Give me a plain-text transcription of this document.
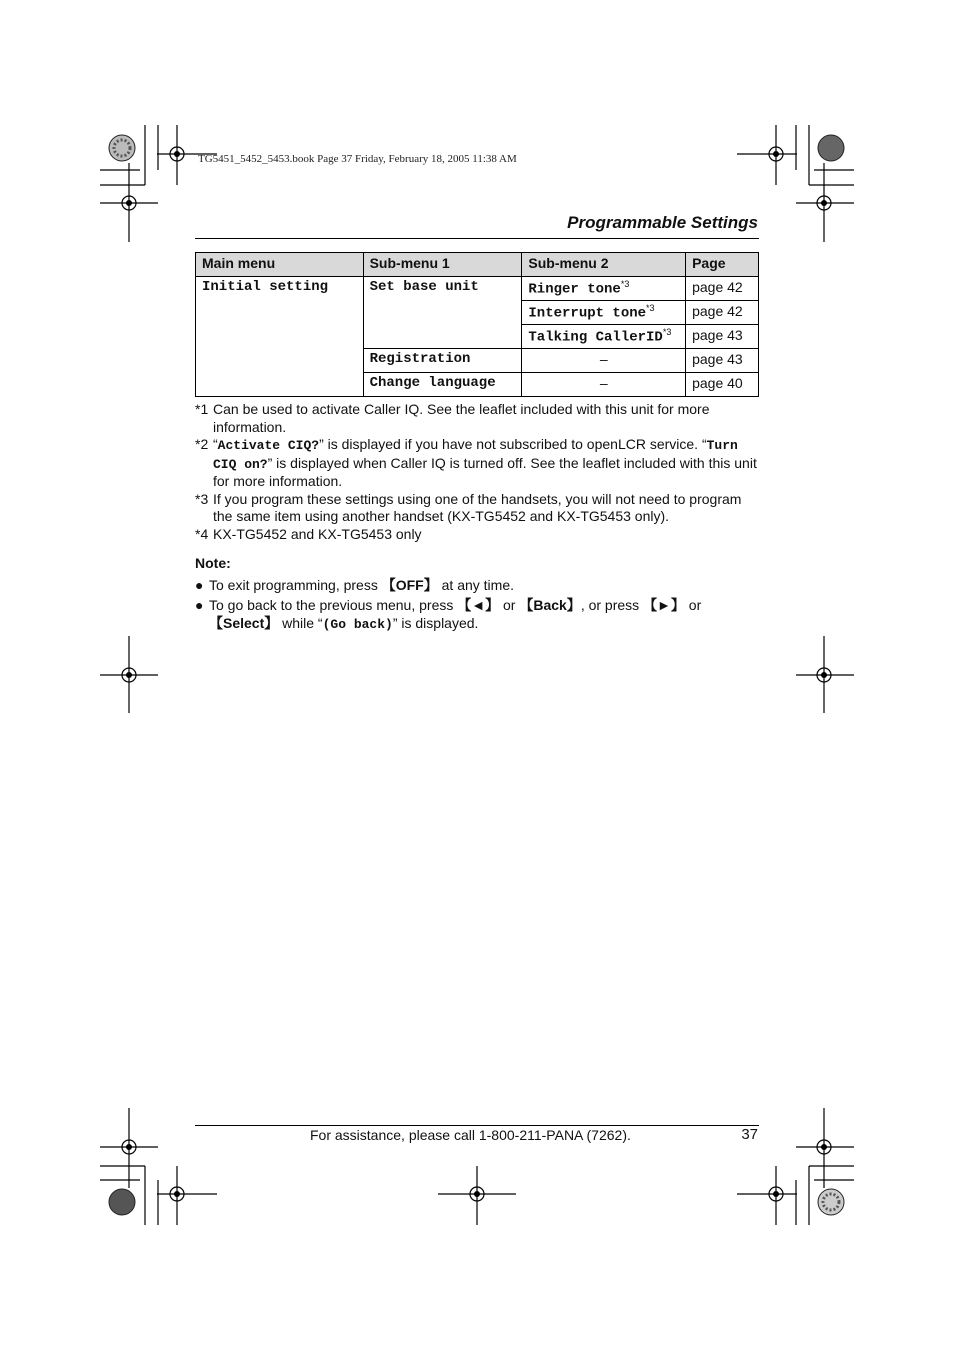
TG5451_5452_5453.book Page 37 Friday, February 18, 2005 11:38 AM
Programmable Settings
Main menu	Sub-menu 1	Sub-menu 2	Page
Initial setting	Set base unit	Ringer tone$^{*3}$	page 42
		Interrupt tone$^{*3}$	page 42
		Talking CallerID$^{*3}$	page 43
	Registration	–	page 43
	Change language	–	page 40
*1 Can be used to activate Caller IQ. See the leaflet included with this unit for more information.
*2 “Activate CIQ?” is displayed if you have not subscribed to openLCR service. “Turn CIQ on?” is displayed when Caller IQ is turned off. See the leaflet included with this unit for more information.
*3 If you program these settings using one of the handsets, you will not need to program the same item using another handset (KX-TG5452 and KX-TG5453 only).
*4 KX-TG5452 and KX-TG5453 only
Note:
● To exit programming, press 【OFF】 at any time.
● To go back to the previous menu, press 【◄】 or 【Back】, or press 【►】 or 【Select】 while “(Go back)” is displayed.
For assistance, please call 1-800-211-PANA (7262).	37
